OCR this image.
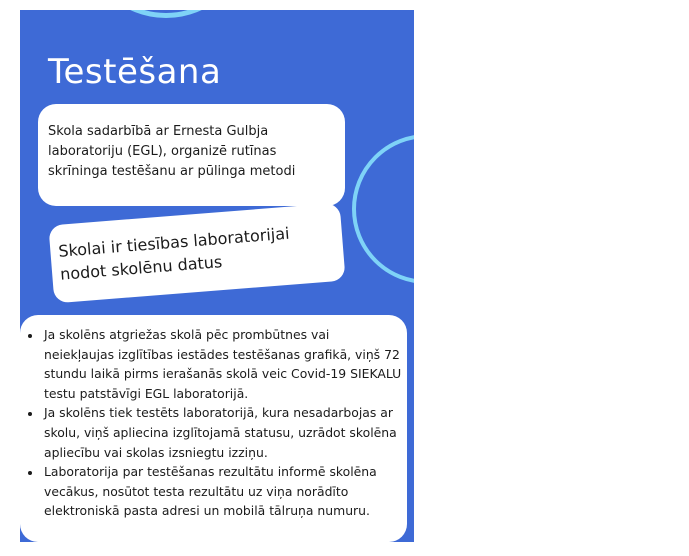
Testēšana
Skola sadarbībā ar Ernesta Gulbja laboratoriju (EGL), organizē rutīnas skrīninga testēšanu ar pūlinga metodi
Skolai ir tiesības laboratorijai nodot skolēnu datus
• Ja skolēns atgriežas skolā pēc prombūtnes vai neiekļaujas izglītības iestādes testēšanas grafikā, viņš 72 stundu laikā pirms ierašanās skolā veic Covid-19 SIEKALU testu patstāvīgi EGL laboratorijā.
• Ja skolēns tiek testēts laboratorijā, kura nesadarbojas ar skolu, viņš apliecina izglītojamā statusu, uzrādot skolēna apliecību vai skolas izsniegtu izziņu.
• Laboratorija par testēšanas rezultātu informē skolēna vecākus, nosūtot testa rezultātu uz viņa norādīto elektroniskā pasta adresi un mobilā tālruņa numuru.
